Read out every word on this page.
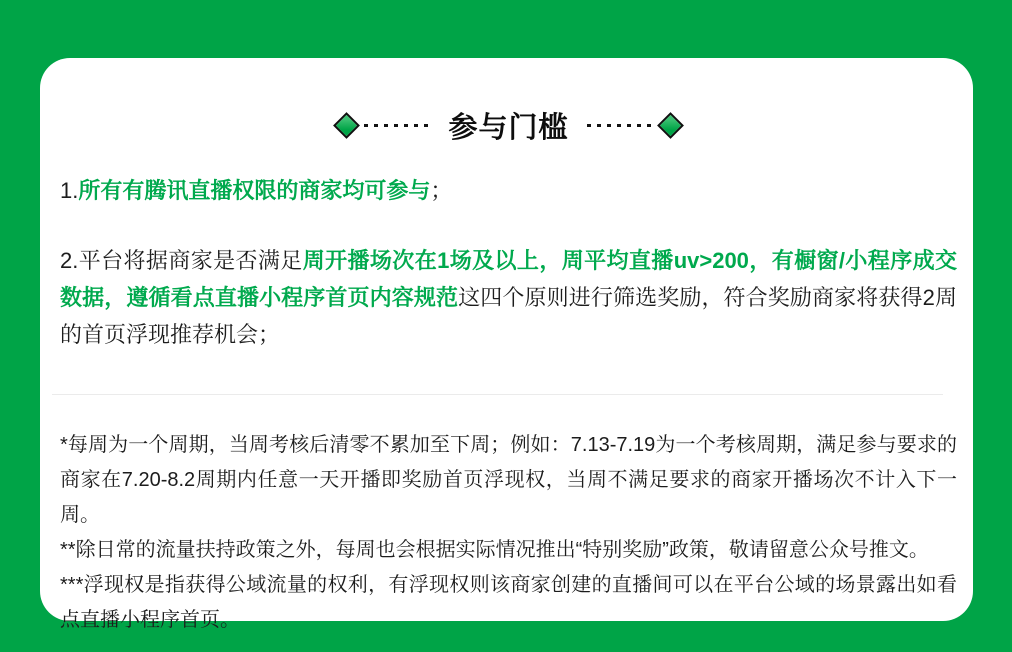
参与门槛

1.所有有腾讯直播权限的商家均可参与；

2.平台将据商家是否满足周开播场次在1场及以上，周平均直播uv>200，有橱窗/小程序成交数据，遵循看点直播小程序首页内容规范这四个原则进行筛选奖励，符合奖励商家将获得2周的首页浮现推荐机会；

*每周为一个周期，当周考核后清零不累加至下周；例如：7.13-7.19为一个考核周期，满足参与要求的商家在7.20-8.2周期内任意一天开播即奖励首页浮现权，当周不满足要求的商家开播场次不计入下一周。

**除日常的流量扶持政策之外，每周也会根据实际情况推出“特别奖励”政策，敬请留意公众号推文。

***浮现权是指获得公域流量的权利，有浮现权则该商家创建的直播间可以在平台公域的场景露出如看点直播小程序首页。
